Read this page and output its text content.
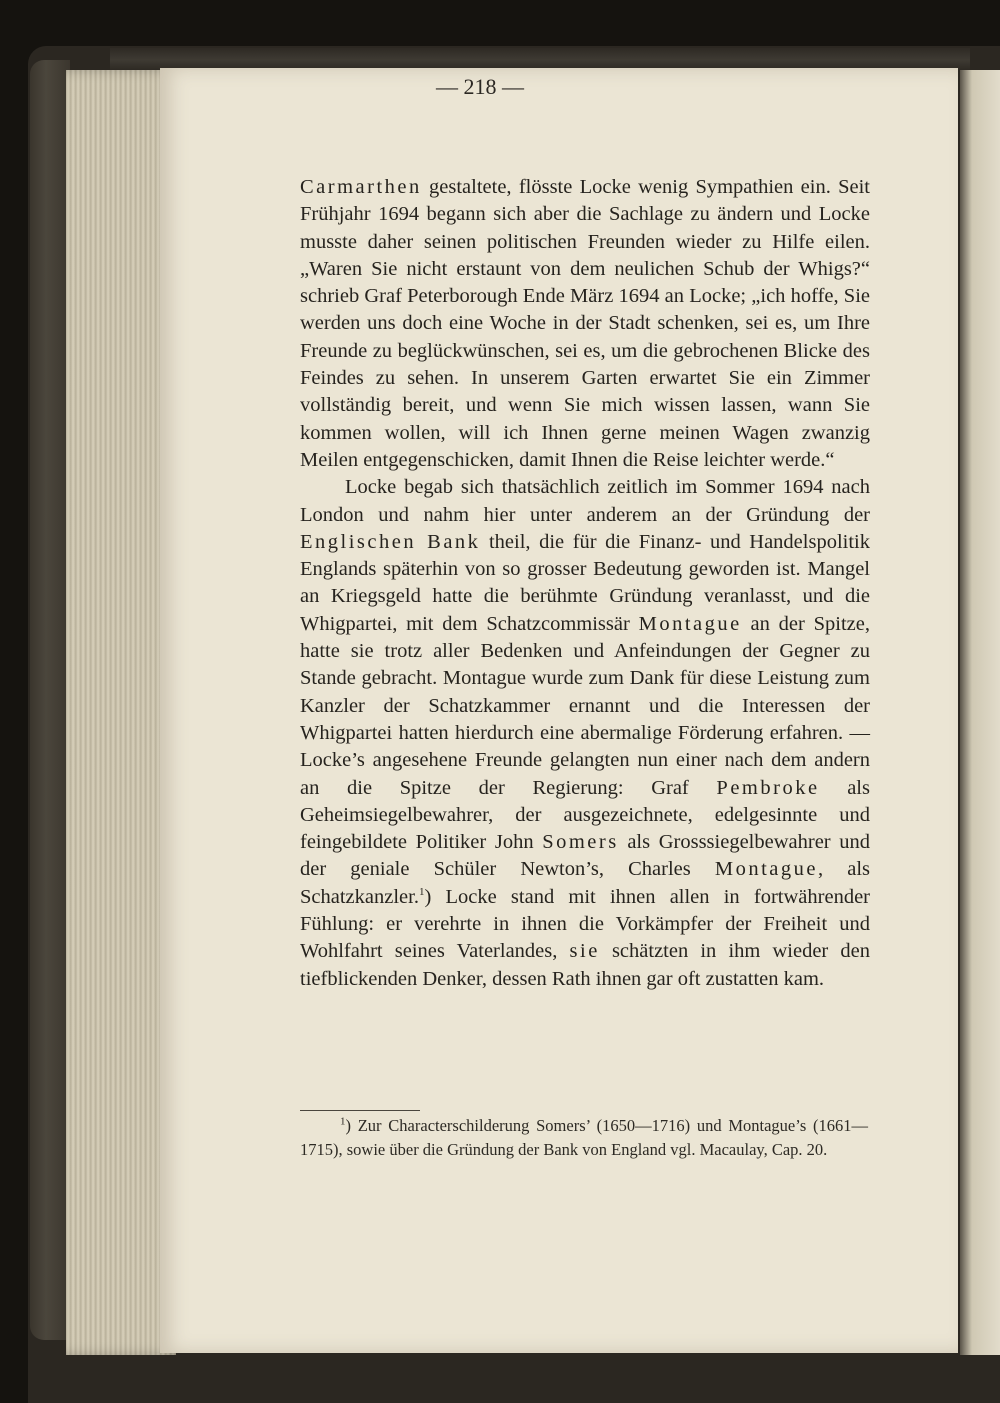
— 218 —

Carmarthen gestaltete, flösste Locke wenig Sympathien ein. Seit Frühjahr 1694 begann sich aber die Sachlage zu ändern und Locke musste daher seinen politischen Freunden wieder zu Hilfe eilen. „Waren Sie nicht erstaunt von dem neulichen Schub der Whigs?“ schrieb Graf Peterborough Ende März 1694 an Locke; „ich hoffe, Sie werden uns doch eine Woche in der Stadt schenken, sei es, um Ihre Freunde zu beglückwünschen, sei es, um die gebrochenen Blicke des Feindes zu sehen. In unserem Garten erwartet Sie ein Zimmer vollständig bereit, und wenn Sie mich wissen lassen, wann Sie kommen wollen, will ich Ihnen gerne meinen Wagen zwanzig Meilen entgegenschicken, damit Ihnen die Reise leichter werde.“

Locke begab sich thatsächlich zeitlich im Sommer 1694 nach London und nahm hier unter anderem an der Gründung der Englischen Bank theil, die für die Finanz- und Handelspolitik Englands späterhin von so grosser Bedeutung geworden ist. Mangel an Kriegsgeld hatte die berühmte Gründung veranlasst, und die Whigpartei, mit dem Schatzcommissär Montague an der Spitze, hatte sie trotz aller Bedenken und Anfeindungen der Gegner zu Stande gebracht. Montague wurde zum Dank für diese Leistung zum Kanzler der Schatzkammer ernannt und die Interessen der Whigpartei hatten hierdurch eine abermalige Förderung erfahren. — Locke’s angesehene Freunde gelangten nun einer nach dem andern an die Spitze der Regierung: Graf Pembroke als Geheimsiegelbewahrer, der ausgezeichnete, edelgesinnte und feingebildete Politiker John Somers als Grosssiegelbewahrer und der geniale Schüler Newton’s, Charles Montague, als Schatzkanzler.$^1$) Locke stand mit ihnen allen in fortwährender Fühlung: er verehrte in ihnen die Vorkämpfer der Freiheit und Wohlfahrt seines Vaterlandes, sie schätzten in ihm wieder den tiefblickenden Denker, dessen Rath ihnen gar oft zustatten kam.

$^1$) Zur Characterschilderung Somers’ (1650—1716) und Montague’s (1661—1715), sowie über die Gründung der Bank von England vgl. Macaulay, Cap. 20.
